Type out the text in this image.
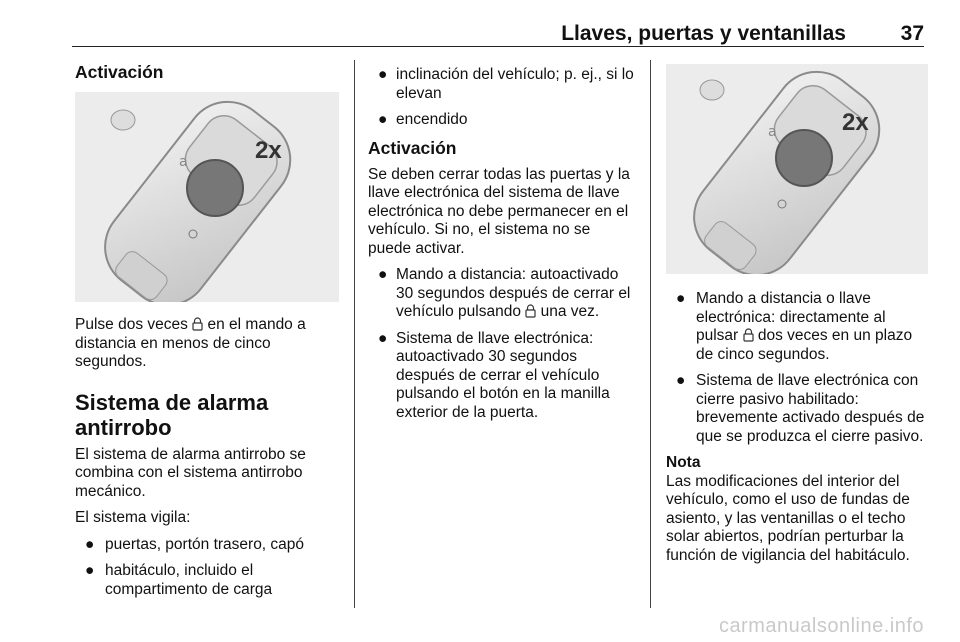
Llaves, puertas y ventanillas	37
Activación
a	2x

Pulse dos veces  en el mando a distancia en menos de cinco segundos.

Sistema de alarma antirrobo

El sistema de alarma antirrobo se combina con el sistema antirrobo mecánico.

El sistema vigila:

● puertas, portón trasero, capó
● habitáculo, incluido el compartimento de carga
● inclinación del vehículo; p. ej., si lo elevan
● encendido
Activación

Se deben cerrar todas las puertas y la llave electrónica del sistema de llave electrónica no debe permanecer en el vehículo. Si no, el sistema no se puede activar.

● Mando a distancia: autoactivado 30 segundos después de cerrar el vehículo pulsando  una vez.
● Sistema de llave electrónica: autoactivado 30 segundos después de cerrar el vehículo pulsando el botón en la manilla exterior de la puerta.
a	2x
● Mando a distancia o llave electrónica: directamente al pulsar  dos veces en un plazo de cinco segundos.
● Sistema de llave electrónica con cierre pasivo habilitado: brevemente activado después de que se produzca el cierre pasivo.
Nota
Las modificaciones del interior del vehículo, como el uso de fundas de asiento, y las ventanillas o el techo solar abiertos, podrían perturbar la función de vigilancia del habitáculo.
carmanualsonline.info
